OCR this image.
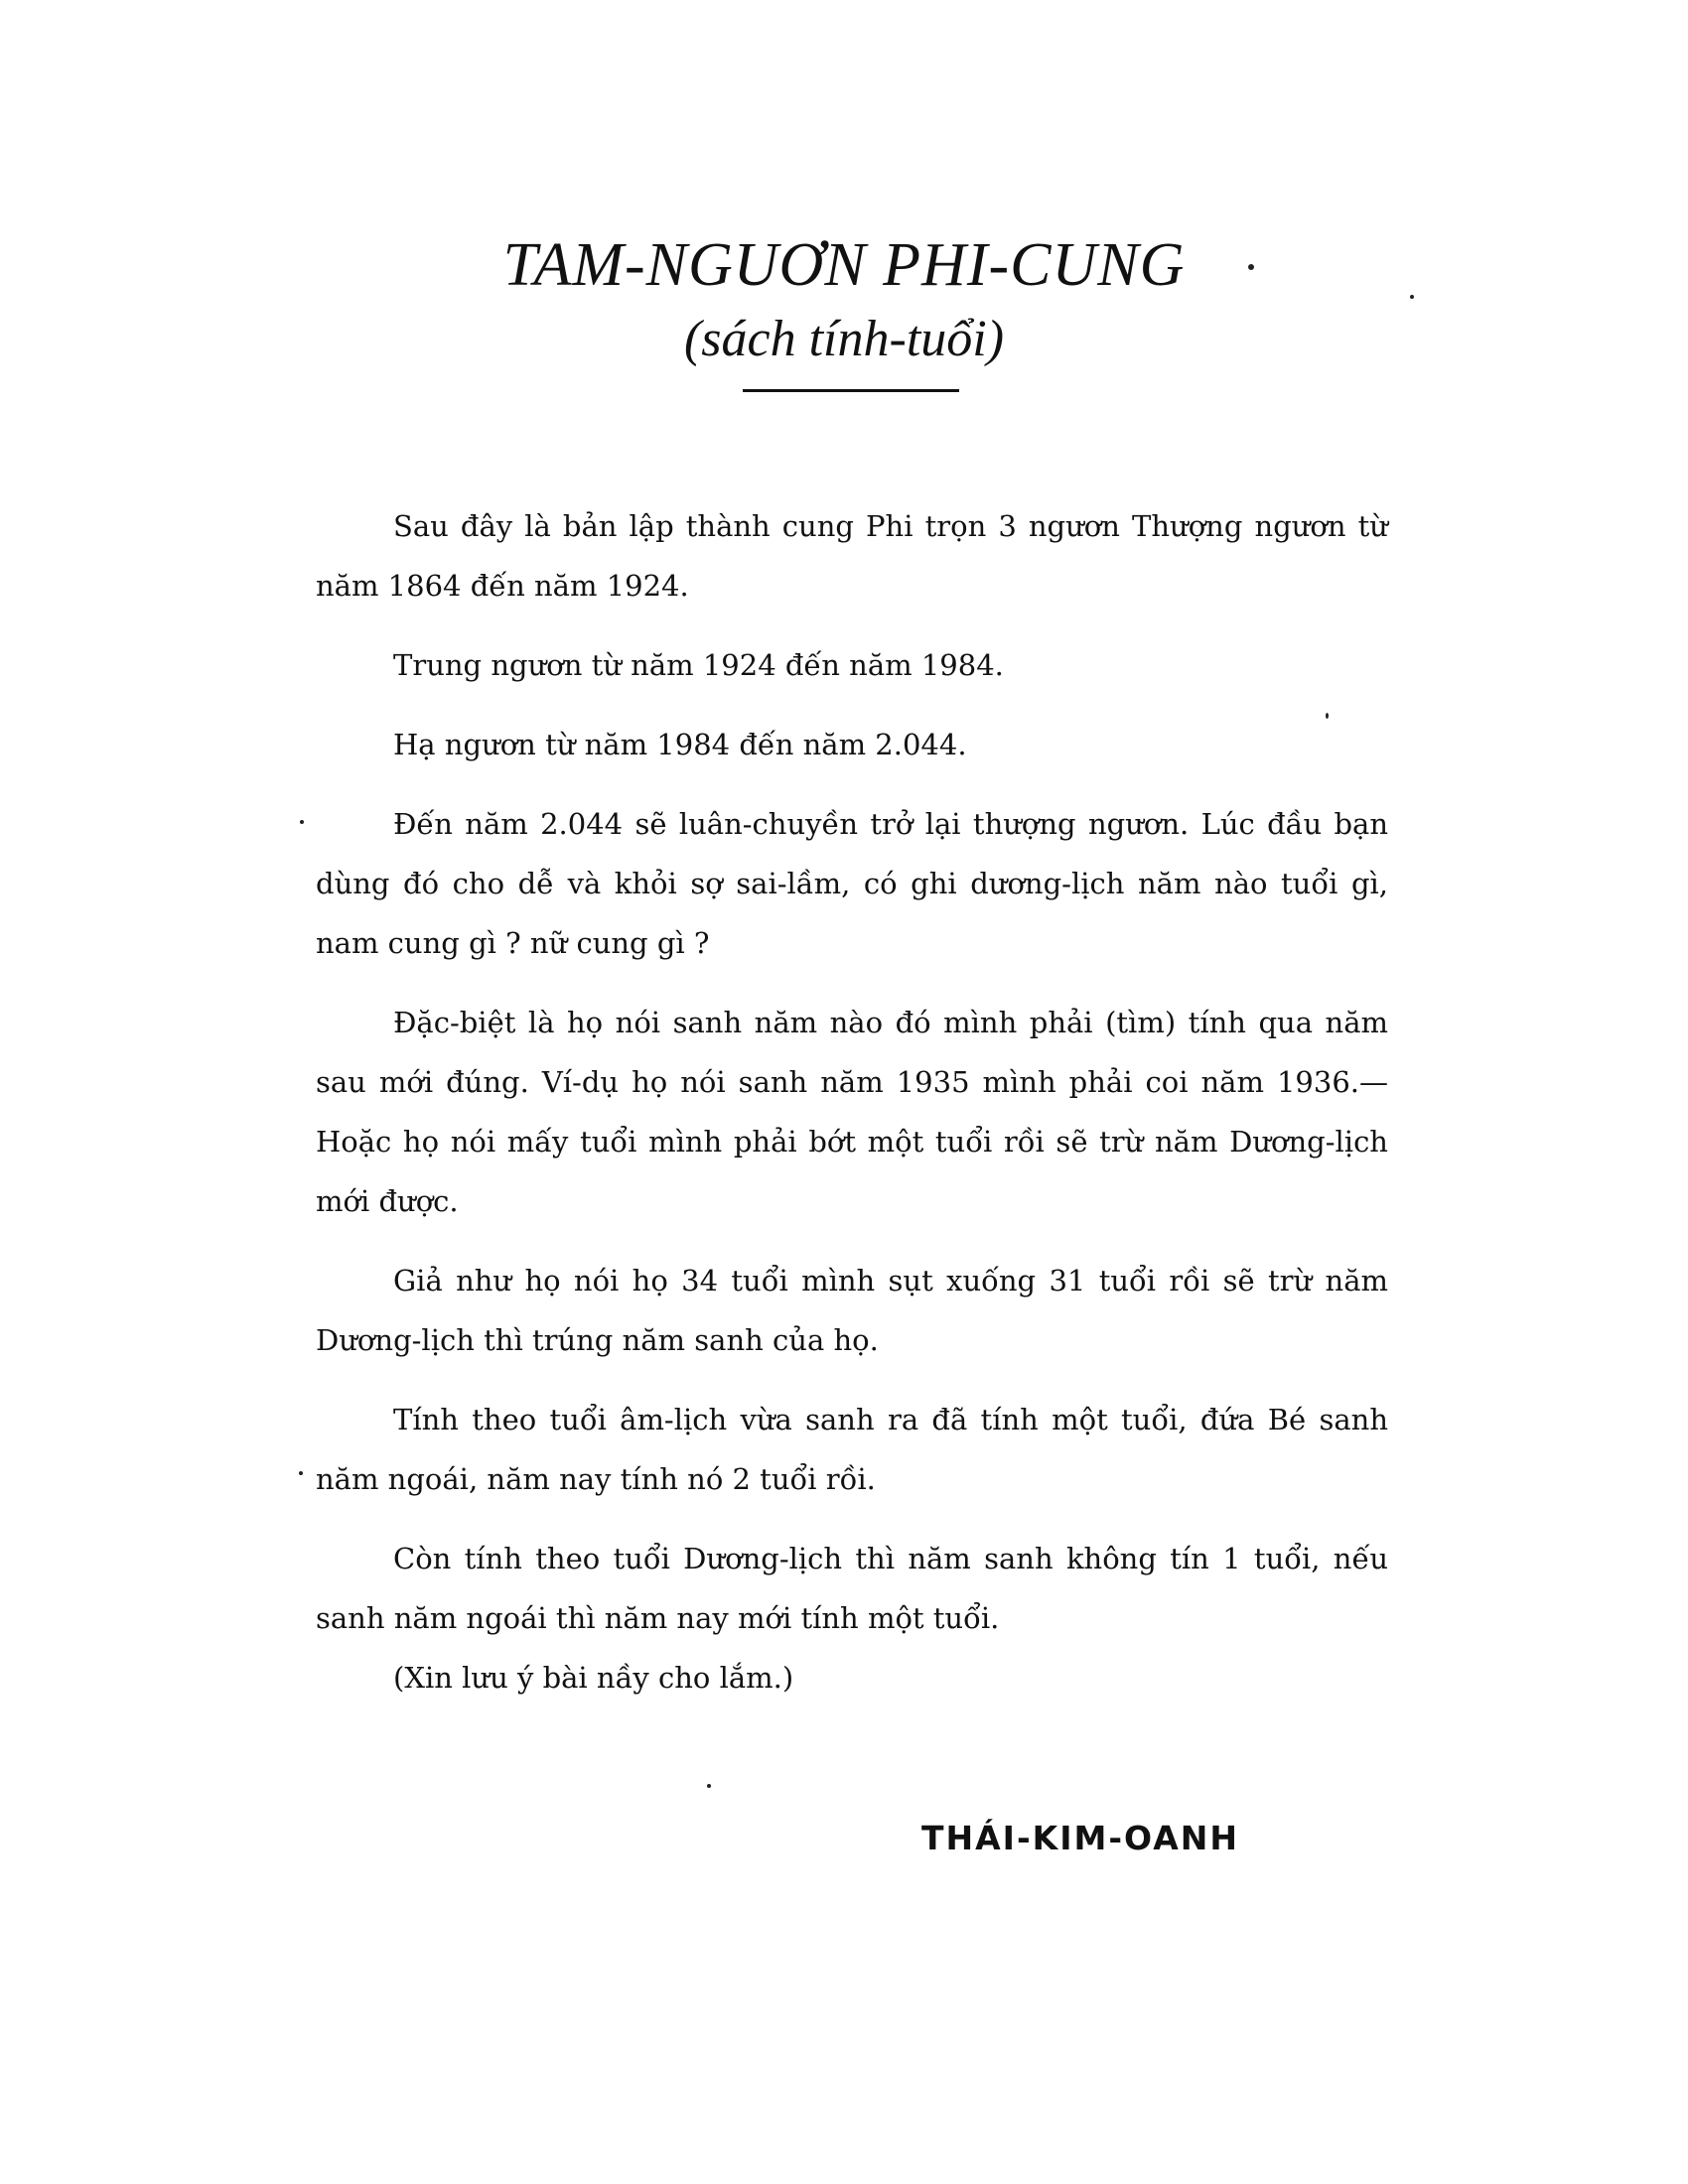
TAM-NGUƠN PHI-CUNG
(sách tính-tuổi)

Sau đây là bản lập thành cung Phi trọn 3 ngươn Thượng ngươn từ năm 1864 đến năm 1924.

Trung ngươn từ năm 1924 đến năm 1984.

Hạ ngươn từ năm 1984 đến năm 2.044.

Đến năm 2.044 sẽ luân-chuyền trở lại thượng ngươn. Lúc đầu bạn dùng đó cho dễ và khỏi sợ sai-lầm, có ghi dương-lịch năm nào tuổi gì, nam cung gì ? nữ cung gì ?

Đặc-biệt là họ nói sanh năm nào đó mình phải (tìm) tính qua năm sau mới đúng. Ví-dụ họ nói sanh năm 1935 mình phải coi năm 1936.— Hoặc họ nói mấy tuổi mình phải bớt một tuổi rồi sẽ trừ năm Dương-lịch mới được.

Giả như họ nói họ 34 tuổi mình sụt xuống 31 tuổi rồi sẽ trừ năm Dương-lịch thì trúng năm sanh của họ.

Tính theo tuổi âm-lịch vừa sanh ra đã tính một tuổi, đứa Bé sanh năm ngoái, năm nay tính nó 2 tuổi rồi.

Còn tính theo tuổi Dương-lịch thì năm sanh không tín 1 tuổi, nếu sanh năm ngoái thì năm nay mới tính một tuổi.

(Xin lưu ý bài nầy cho lắm.)
THÁI-KIM-OANH
